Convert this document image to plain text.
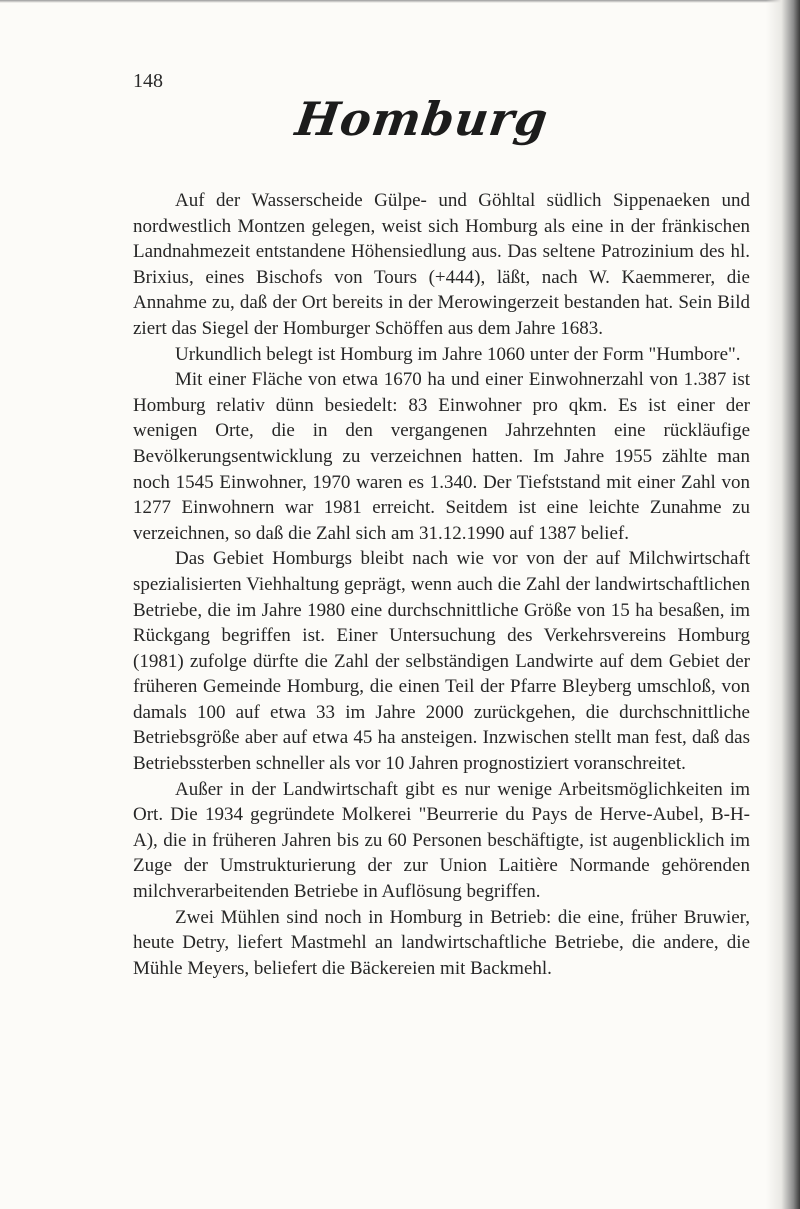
148
Homburg

Auf der Wasserscheide Gülpe- und Göhltal südlich Sippenaeken und nordwestlich Montzen gelegen, weist sich Homburg als eine in der fränkischen Landnahmezeit entstandene Höhensiedlung aus. Das seltene Patrozinium des hl. Brixius, eines Bischofs von Tours (+444), läßt, nach W. Kaemmerer, die Annahme zu, daß der Ort bereits in der Merowingerzeit bestanden hat. Sein Bild ziert das Siegel der Homburger Schöffen aus dem Jahre 1683.

Urkundlich belegt ist Homburg im Jahre 1060 unter der Form "Humbore".

Mit einer Fläche von etwa 1670 ha und einer Einwohnerzahl von 1.387 ist Homburg relativ dünn besiedelt: 83 Einwohner pro qkm. Es ist einer der wenigen Orte, die in den vergangenen Jahrzehnten eine rückläufige Bevölkerungsentwicklung zu verzeichnen hatten. Im Jahre 1955 zählte man noch 1545 Einwohner, 1970 waren es 1.340. Der Tiefststand mit einer Zahl von 1277 Einwohnern war 1981 erreicht. Seitdem ist eine leichte Zunahme zu verzeichnen, so daß die Zahl sich am 31.12.1990 auf 1387 belief.

Das Gebiet Homburgs bleibt nach wie vor von der auf Milchwirtschaft spezialisierten Viehhaltung geprägt, wenn auch die Zahl der landwirtschaftlichen Betriebe, die im Jahre 1980 eine durchschnittliche Größe von 15 ha besaßen, im Rückgang begriffen ist. Einer Untersuchung des Verkehrsvereins Homburg (1981) zufolge dürfte die Zahl der selbständigen Landwirte auf dem Gebiet der früheren Gemeinde Homburg, die einen Teil der Pfarre Bleyberg umschloß, von damals 100 auf etwa 33 im Jahre 2000 zurückgehen, die durchschnittliche Betriebsgröße aber auf etwa 45 ha ansteigen. Inzwischen stellt man fest, daß das Betriebssterben schneller als vor 10 Jahren prognostiziert voranschreitet.

Außer in der Landwirtschaft gibt es nur wenige Arbeitsmöglichkeiten im Ort. Die 1934 gegründete Molkerei "Beurrerie du Pays de Herve-Aubel, B-H-A), die in früheren Jahren bis zu 60 Personen beschäftigte, ist augenblicklich im Zuge der Umstrukturierung der zur Union Laitière Normande gehörenden milchverarbeitenden Betriebe in Auflösung begriffen.

Zwei Mühlen sind noch in Homburg in Betrieb: die eine, früher Bruwier, heute Detry, liefert Mastmehl an landwirtschaftliche Betriebe, die andere, die Mühle Meyers, beliefert die Bäckereien mit Backmehl.
